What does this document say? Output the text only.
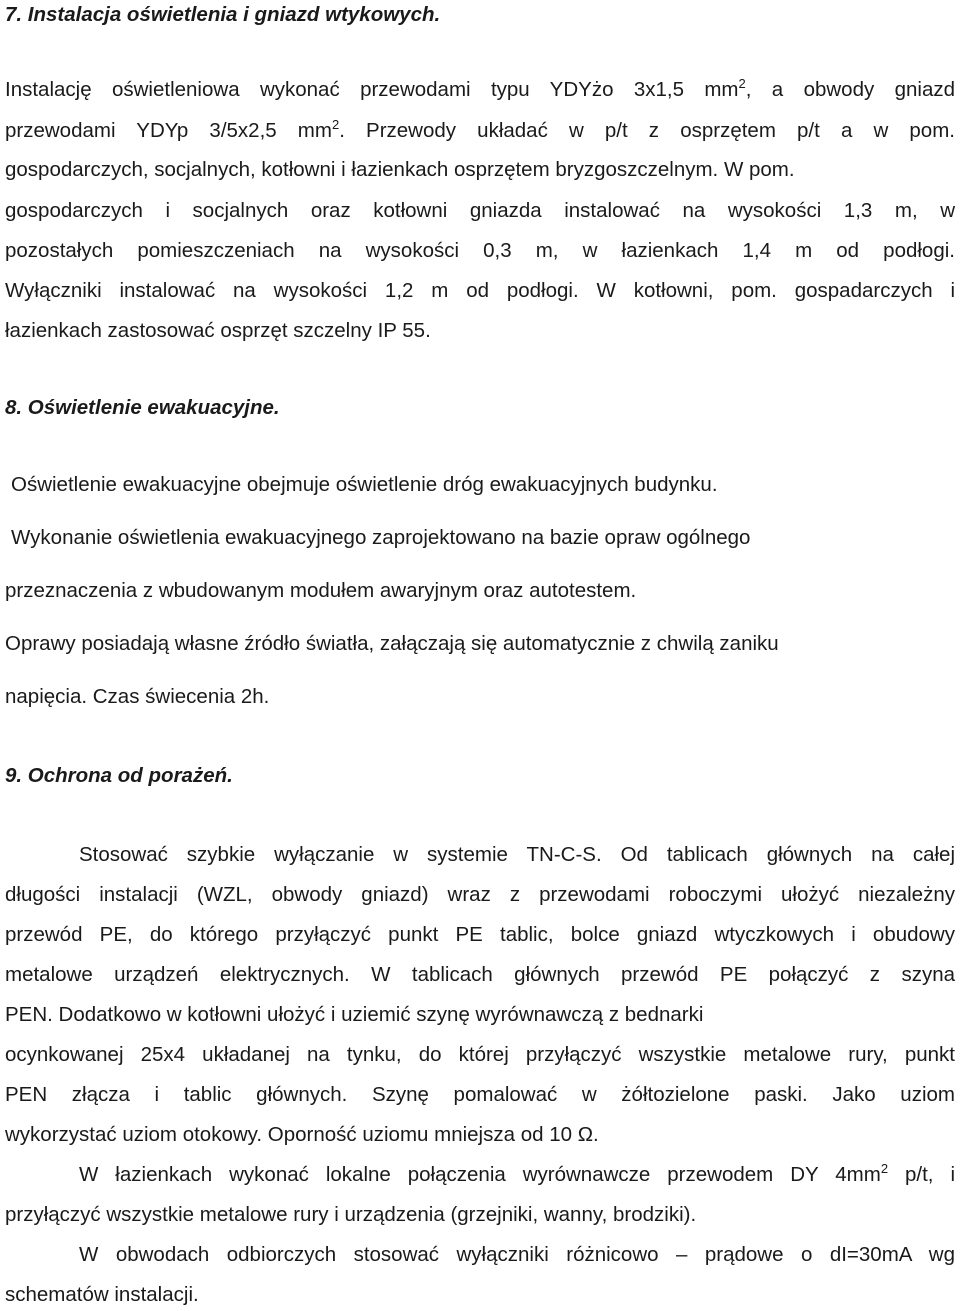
7. Instalacja oświetlenia i gniazd wtykowych.
Instalację oświetleniowa wykonać przewodami typu YDYżo 3x1,5 $mm^2$, a obwody gniazd
przewodami YDYp 3/5x2,5 $mm^2$. Przewody układać w p/t z osprzętem p/t a w pom.
gospodarczych, socjalnych, kotłowni i łazienkach osprzętem bryzgoszczelnym. W pom.
gospodarczych i socjalnych oraz kotłowni gniazda instalować na wysokości 1,3 m, w
pozostałych pomieszczeniach na wysokości 0,3 m, w łazienkach 1,4 m od podłogi.
Wyłączniki instalować na wysokości 1,2 m od podłogi. W kotłowni, pom. gospadarczych i
łazienkach zastosować osprzęt szczelny IP 55.
8. Oświetlenie ewakuacyjne.
Oświetlenie ewakuacyjne obejmuje oświetlenie dróg ewakuacyjnych budynku.
Wykonanie oświetlenia ewakuacyjnego zaprojektowano na bazie opraw ogólnego
przeznaczenia z wbudowanym modułem awaryjnym oraz autotestem.
Oprawy posiadają własne źródło światła, załączają się automatycznie z chwilą zaniku
napięcia. Czas świecenia 2h.
9. Ochrona od porażeń.
Stosować szybkie wyłączanie w systemie TN-C-S. Od tablicach głównych na całej
długości instalacji (WZL, obwody gniazd) wraz z przewodami roboczymi ułożyć niezależny
przewód PE, do którego przyłączyć punkt PE tablic, bolce gniazd wtyczkowych i obudowy
metalowe urządzeń elektrycznych. W tablicach głównych przewód PE połączyć z szyna
PEN. Dodatkowo w kotłowni ułożyć i uziemić szynę wyrównawczą z bednarki
ocynkowanej 25x4 układanej na tynku, do której przyłączyć wszystkie metalowe rury, punkt
PEN złącza i tablic głównych. Szynę pomalować w żółtozielone paski. Jako uziom
wykorzystać uziom otokowy. Oporność uziomu mniejsza od 10 Ω.
W łazienkach wykonać lokalne połączenia wyrównawcze przewodem DY $4mm^2$ p/t, i
przyłączyć wszystkie metalowe rury i urządzenia (grzejniki, wanny, brodziki).
W obwodach odbiorczych stosować wyłączniki różnicowo – prądowe o dI=30mA wg
schematów instalacji.
